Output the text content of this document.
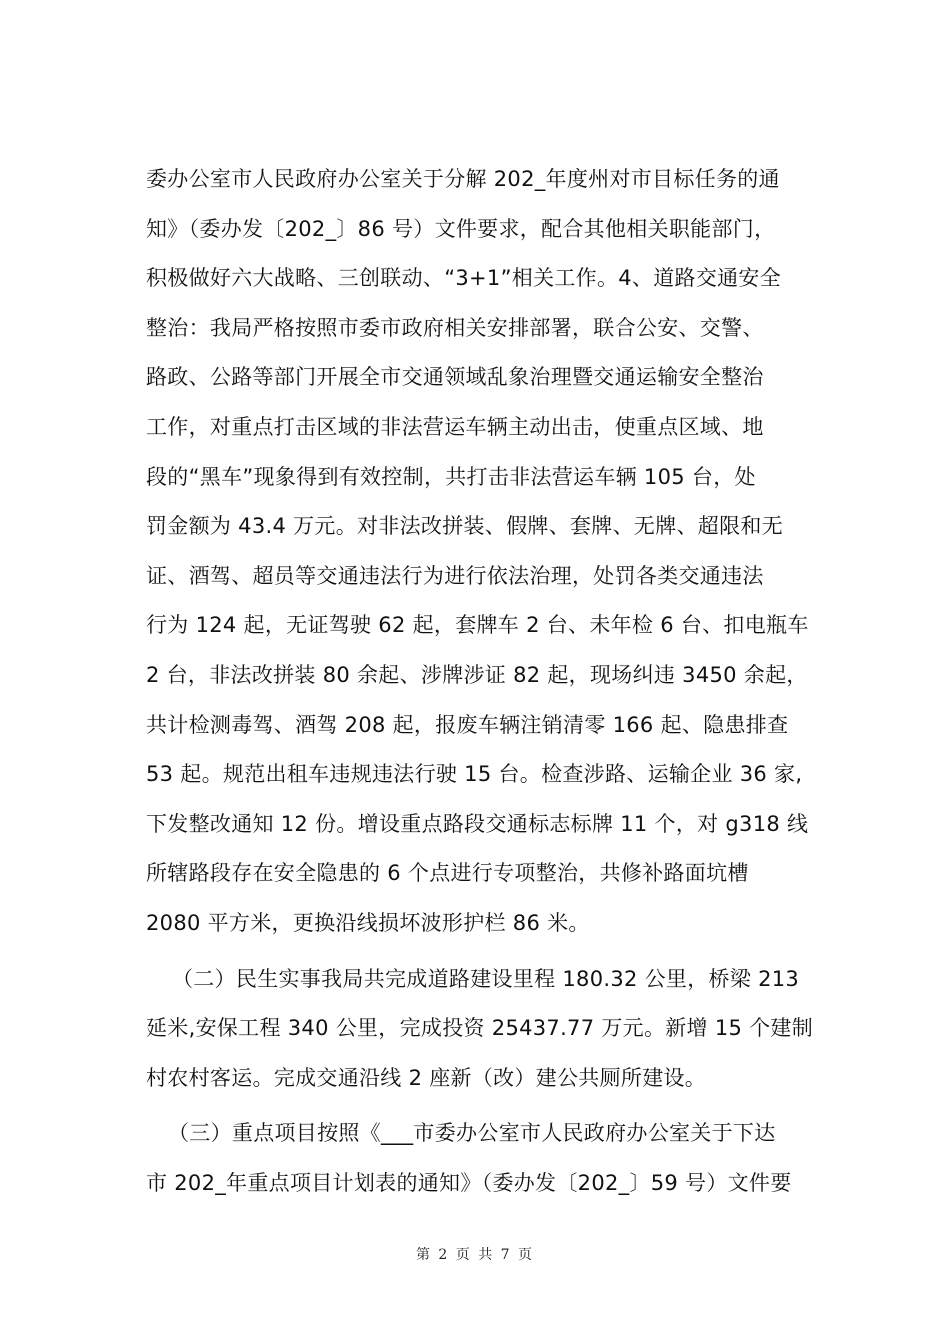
委办公室市人民政府办公室关于分解 202_年度州对市目标任务的通
知》（委办发〔202_〕86 号）文件要求，配合其他相关职能部门，
积极做好六大战略、三创联动、“3+1”相关工作。4、道路交通安全
整治：我局严格按照市委市政府相关安排部署，联合公安、交警、
路政、公路等部门开展全市交通领域乱象治理暨交通运输安全整治
工作，对重点打击区域的非法营运车辆主动出击，使重点区域、地
段的“黑车”现象得到有效控制，共打击非法营运车辆 105 台，处
罚金额为 43.4 万元。对非法改拼装、假牌、套牌、无牌、超限和无
证、酒驾、超员等交通违法行为进行依法治理，处罚各类交通违法
行为 124 起，无证驾驶 62 起，套牌车 2 台、未年检 6 台、扣电瓶车
2 台，非法改拼装 80 余起、涉牌涉证 82 起，现场纠违 3450 余起，
共计检测毒驾、酒驾 208 起，报废车辆注销清零 166 起、隐患排查
53 起。规范出租车违规违法行驶 15 台。检查涉路、运输企业 36 家,
下发整改通知 12 份。增设重点路段交通标志标牌 11 个，对 g318 线
所辖路段存在安全隐患的 6 个点进行专项整治，共修补路面坑槽
2080 平方米，更换沿线损坏波形护栏 86 米。
（二）民生实事我局共完成道路建设里程 180.32 公里，桥梁 213
延米,安保工程 340 公里，完成投资 25437.77 万元。新增 15 个建制
村农村客运。完成交通沿线 2 座新（改）建公共厕所建设。
（三）重点项目按照《___市委办公室市人民政府办公室关于下达
市 202_年重点项目计划表的通知》（委办发〔202_〕59 号）文件要
第 2 页 共 7 页
